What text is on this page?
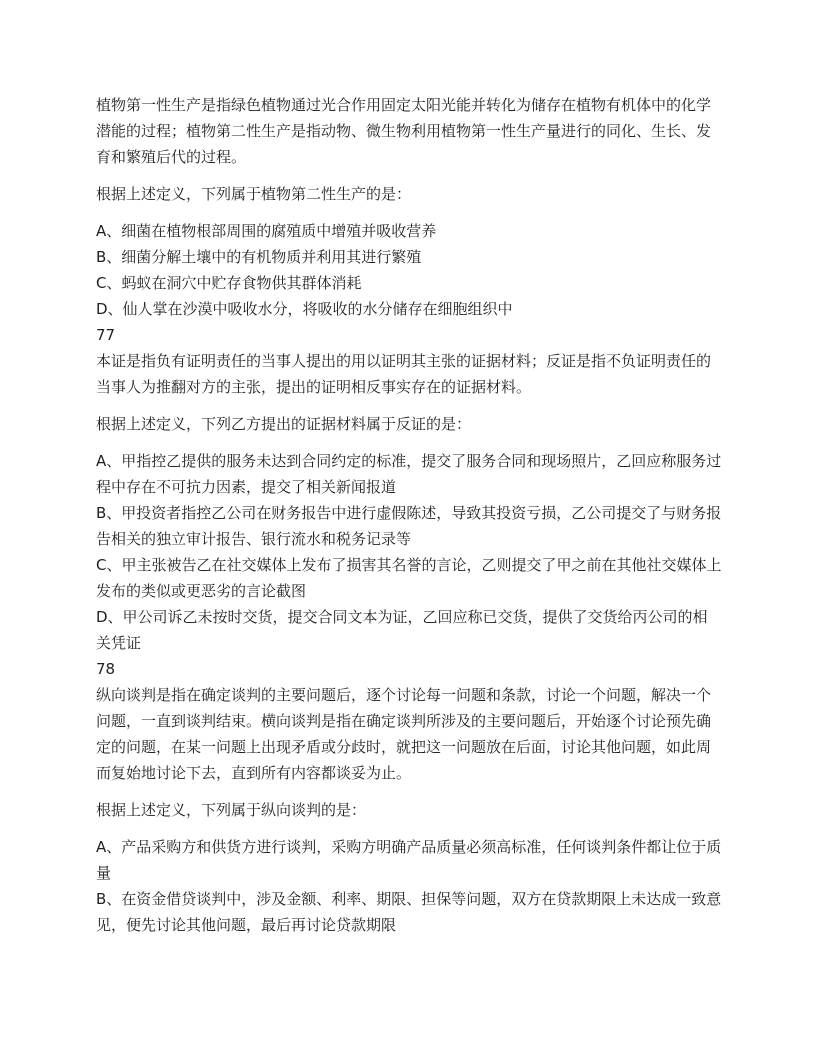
植物第一性生产是指绿色植物通过光合作用固定太阳光能并转化为储存在植物有机体中的化学潜能的过程；植物第二性生产是指动物、微生物利用植物第一性生产量进行的同化、生长、发育和繁殖后代的过程。

根据上述定义，下列属于植物第二性生产的是：

A、细菌在植物根部周围的腐殖质中增殖并吸收营养

B、细菌分解土壤中的有机物质并利用其进行繁殖

C、蚂蚁在洞穴中贮存食物供其群体消耗

D、仙人掌在沙漠中吸收水分，将吸收的水分储存在细胞组织中

77

本证是指负有证明责任的当事人提出的用以证明其主张的证据材料；反证是指不负证明责任的当事人为推翻对方的主张，提出的证明相反事实存在的证据材料。

根据上述定义，下列乙方提出的证据材料属于反证的是：

A、甲指控乙提供的服务未达到合同约定的标准，提交了服务合同和现场照片，乙回应称服务过程中存在不可抗力因素，提交了相关新闻报道

B、甲投资者指控乙公司在财务报告中进行虚假陈述，导致其投资亏损，乙公司提交了与财务报告相关的独立审计报告、银行流水和税务记录等

C、甲主张被告乙在社交媒体上发布了损害其名誉的言论，乙则提交了甲之前在其他社交媒体上发布的类似或更恶劣的言论截图

D、甲公司诉乙未按时交货，提交合同文本为证，乙回应称已交货，提供了交货给丙公司的相关凭证

78

纵向谈判是指在确定谈判的主要问题后，逐个讨论每一问题和条款，讨论一个问题，解决一个问题，一直到谈判结束。横向谈判是指在确定谈判所涉及的主要问题后，开始逐个讨论预先确定的问题，在某一问题上出现矛盾或分歧时，就把这一问题放在后面，讨论其他问题，如此周而复始地讨论下去，直到所有内容都谈妥为止。

根据上述定义，下列属于纵向谈判的是：

A、产品采购方和供货方进行谈判，采购方明确产品质量必须高标准，任何谈判条件都让位于质量

B、在资金借贷谈判中，涉及金额、利率、期限、担保等问题，双方在贷款期限上未达成一致意见，便先讨论其他问题，最后再讨论贷款期限
